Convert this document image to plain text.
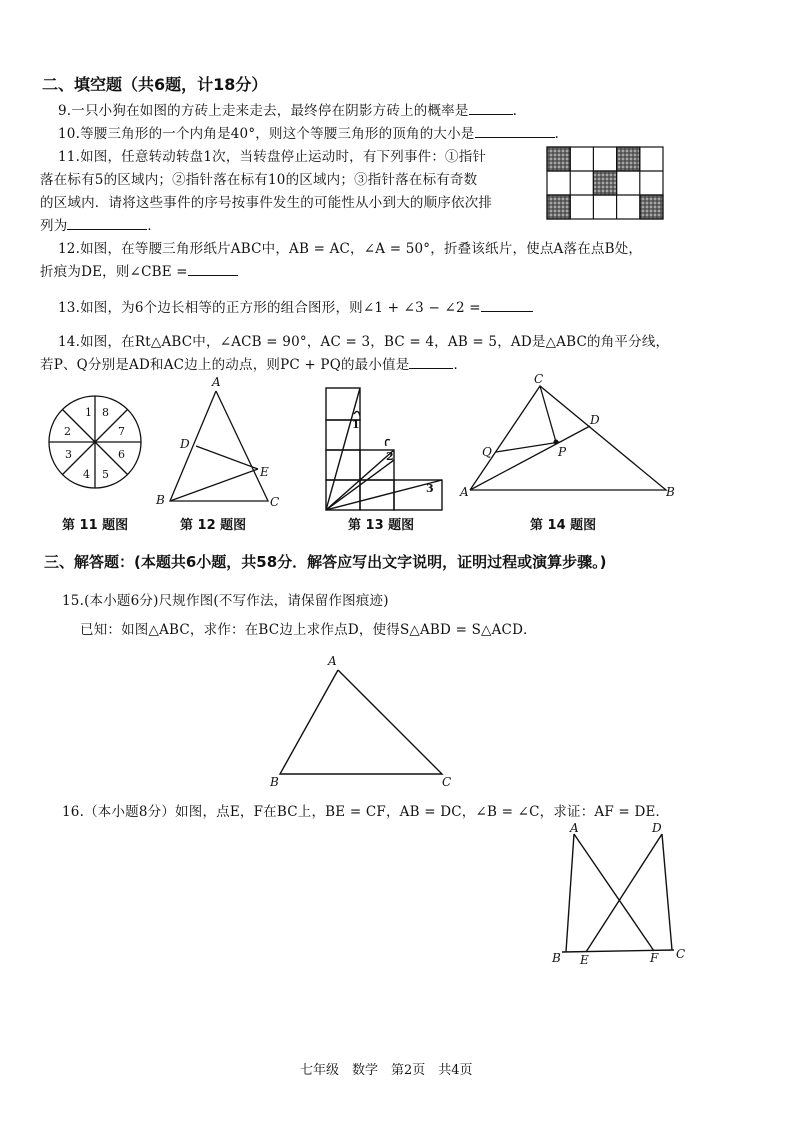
二、填空题（共6题，计18分）
9.一只小狗在如图的方砖上走来走去，最终停在阴影方砖上的概率是	.
10.等腰三角形的一个内角是40°，则这个等腰三角形的顶角的大小是	.
11.如图，任意转动转盘1次，当转盘停止运动时，有下列事件：①指针
落在标有5的区域内；②指针落在标有10的区域内；③指针落在标有奇数
的区域内．请将这些事件的序号按事件发生的可能性从小到大的顺序依次排
列为	．
12.如图，在等腰三角形纸片ABC中，AB = AC，∠A = 50°，折叠该纸片，使点A落在点B处，
折痕为DE，则∠CBE =
13.如图，为6个边长相等的正方形的组合图形，则∠1 + ∠3 − ∠2 =
14.如图，在Rt△ABC中，∠ACB = 90°，AC = 3，BC = 4，AB = 5，AD是△ABC的角平分线，
若P、Q分别是AD和AC边上的动点，则PC + PQ的最小值是	．
1 8
7
6
5
4
3
2
A
B	C
D
E
1
2
3
C
D
P
Q
A	B
第 11 题图	第 12 题图	第 13 题图	第 14 题图
三、解答题：(本题共6小题，共58分．解答应写出文字说明，证明过程或演算步骤。)
15.(本小题6分)尺规作图(不写作法，请保留作图痕迹)
已知：如图△ABC，求作：在BC边上求作点D，使得S△ABD = S△ACD．
A
B	C
16.（本小题8分）如图，点E，F在BC上，BE = CF，AB = DC，∠B = ∠C，求证：AF = DE．
A	D
B E	F C
七年级　数学　第2页　共4页
